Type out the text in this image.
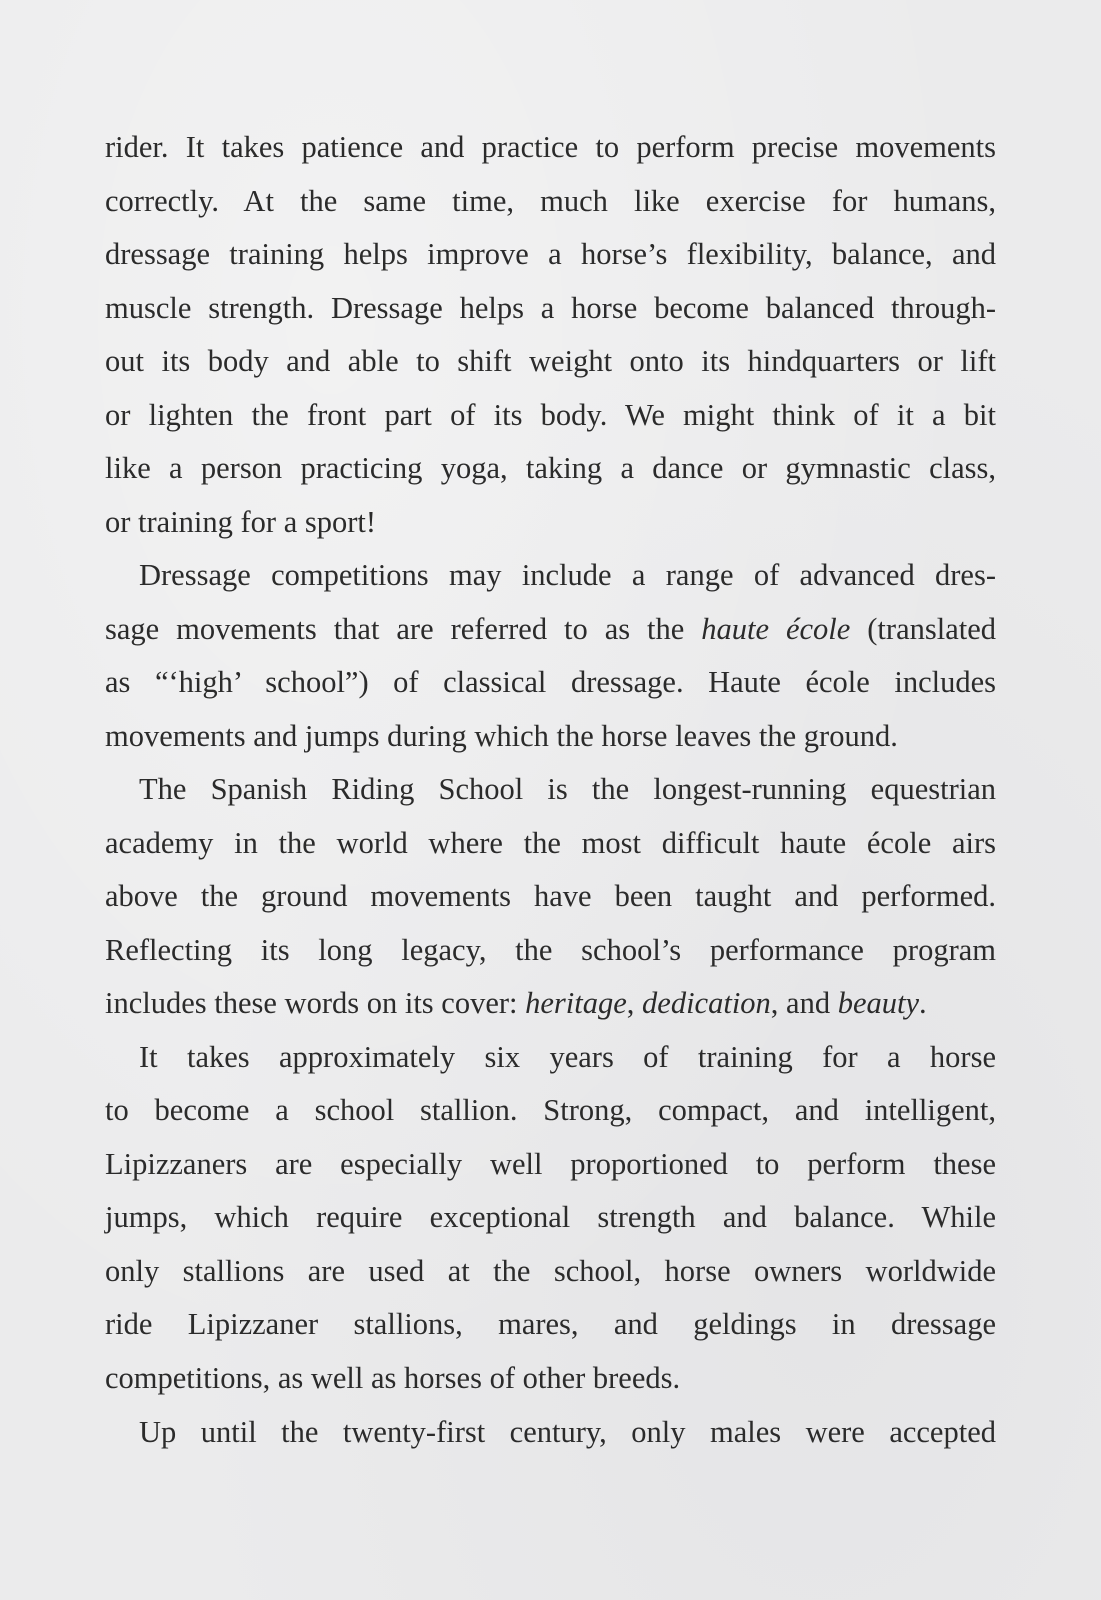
rider. It takes patience and practice to perform precise movements
correctly. At the same time, much like exercise for humans,
dressage training helps improve a horse’s flexibility, balance, and
muscle strength. Dressage helps a horse become balanced through-
out its body and able to shift weight onto its hindquarters or lift
or lighten the front part of its body. We might think of it a bit
like a person practicing yoga, taking a dance or gymnastic class,
or training for a sport!
Dressage competitions may include a range of advanced dres-
sage movements that are referred to as the haute école (translated
as “‘high’ school”) of classical dressage. Haute école includes
movements and jumps during which the horse leaves the ground.
The Spanish Riding School is the longest-running equestrian
academy in the world where the most difficult haute école airs
above the ground movements have been taught and performed.
Reflecting its long legacy, the school’s performance program
includes these words on its cover: heritage, dedication, and beauty.
It takes approximately six years of training for a horse
to become a school stallion. Strong, compact, and intelligent,
Lipizzaners are especially well proportioned to perform these
jumps, which require exceptional strength and balance. While
only stallions are used at the school, horse owners worldwide
ride Lipizzaner stallions, mares, and geldings in dressage
competitions, as well as horses of other breeds.
Up until the twenty-first century, only males were accepted
